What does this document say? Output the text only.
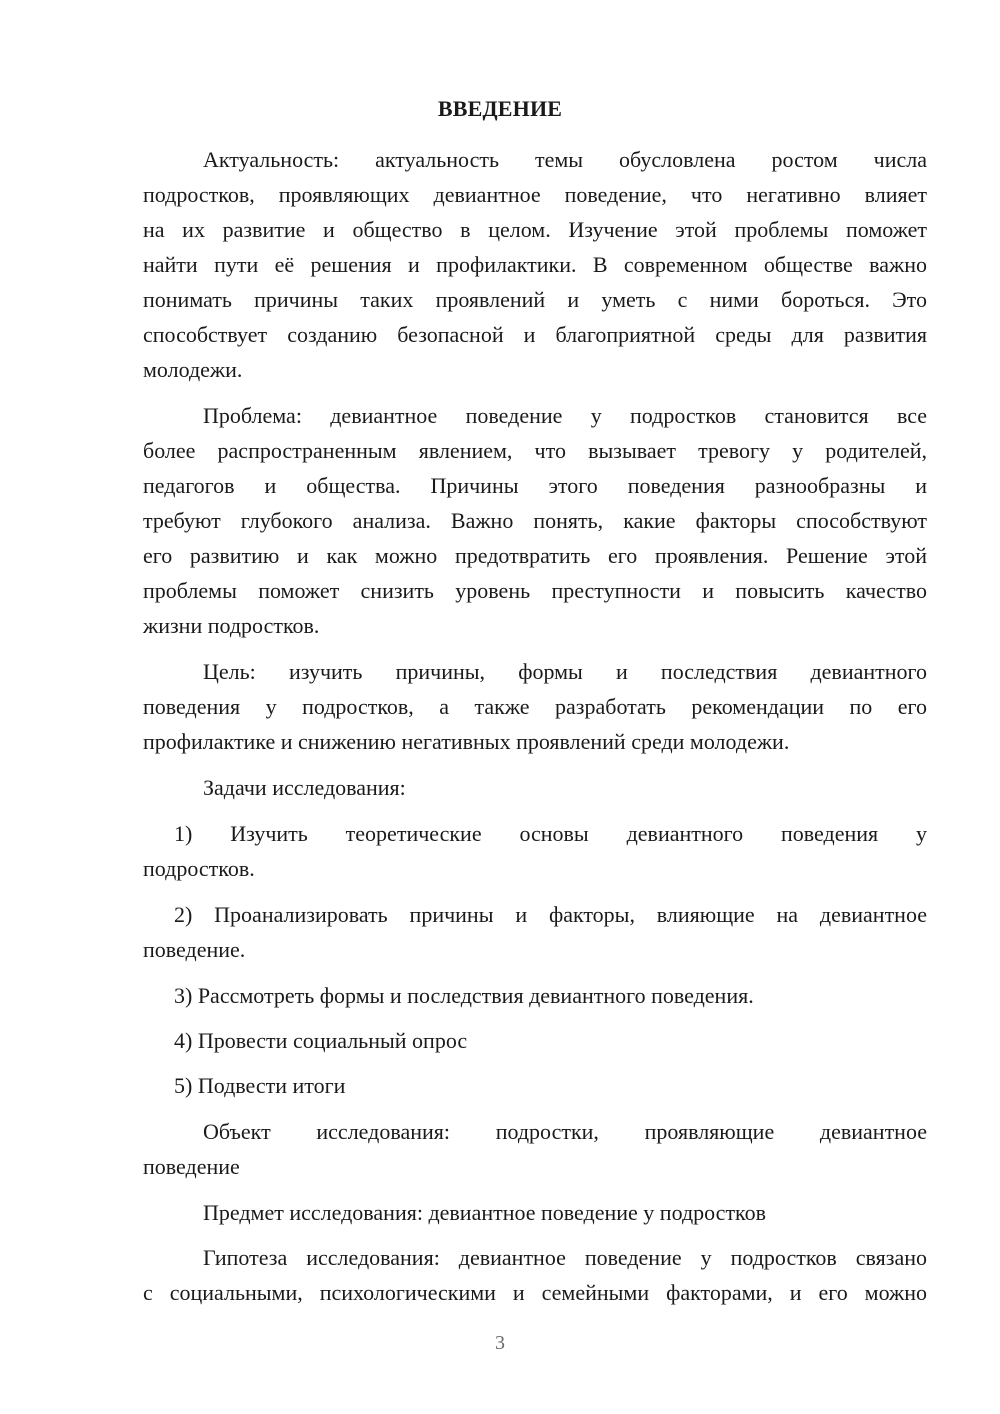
ВВЕДЕНИЕ
Актуальность: актуальность темы обусловлена ростом числа
подростков, проявляющих девиантное поведение, что негативно влияет
на их развитие и общество в целом. Изучение этой проблемы поможет
найти пути её решения и профилактики. В современном обществе важно
понимать причины таких проявлений и уметь с ними бороться. Это
способствует созданию безопасной и благоприятной среды для развития
молодежи.
Проблема: девиантное поведение у подростков становится все
более распространенным явлением, что вызывает тревогу у родителей,
педагогов и общества. Причины этого поведения разнообразны и
требуют глубокого анализа. Важно понять, какие факторы способствуют
его развитию и как можно предотвратить его проявления. Решение этой
проблемы поможет снизить уровень преступности и повысить качество
жизни подростков.
Цель: изучить причины, формы и последствия девиантного
поведения у подростков, а также разработать рекомендации по его
профилактике и снижению негативных проявлений среди молодежи.
Задачи исследования:
1) Изучить теоретические основы девиантного поведения у
подростков.
2) Проанализировать причины и факторы, влияющие на девиантное
поведение.
3) Рассмотреть формы и последствия девиантного поведения.
4) Провести социальный опрос
5) Подвести итоги
Объект исследования: подростки, проявляющие девиантное
поведение
Предмет исследования: девиантное поведение у подростков
Гипотеза исследования: девиантное поведение у подростков связано
с социальными, психологическими и семейными факторами, и его можно
3
